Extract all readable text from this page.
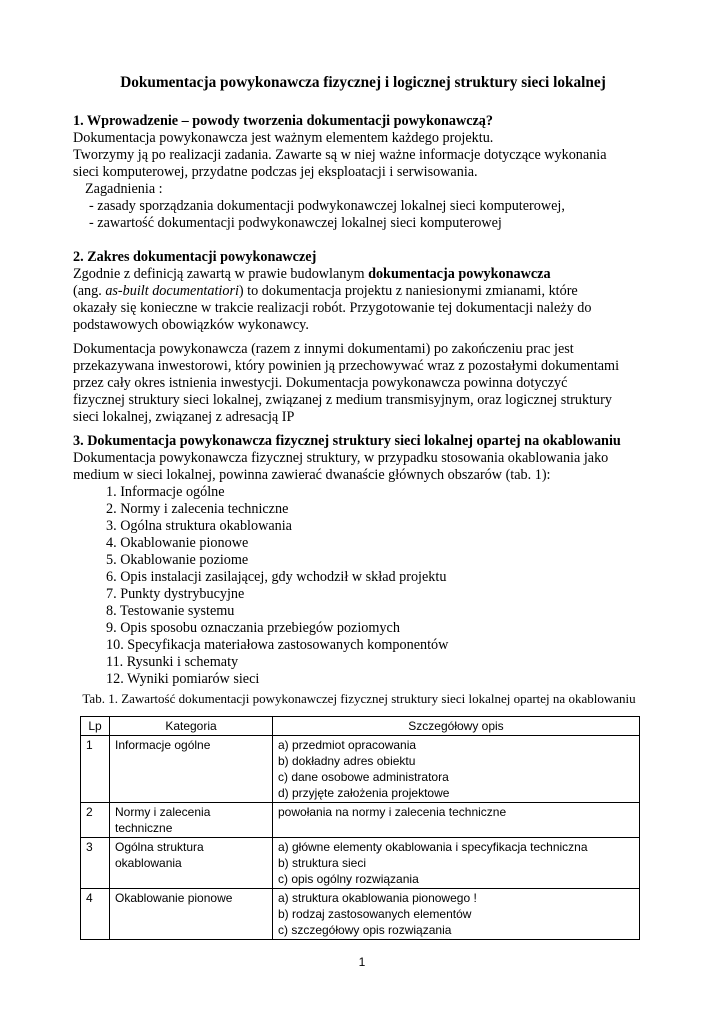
Dokumentacja powykonawcza fizycznej i logicznej struktury sieci lokalnej
1. Wprowadzenie – powody tworzenia dokumentacji powykonawczą?

Dokumentacja powykonawcza jest ważnym elementem każdego projektu.

Tworzymy ją po realizacji zadania. Zawarte są w niej ważne informacje dotyczące wykonania

sieci komputerowej, przydatne podczas jej eksploatacji i serwisowania.

Zagadnienia :

- zasady sporządzania dokumentacji podwykonawczej lokalnej sieci komputerowej,

- zawartość dokumentacji podwykonawczej lokalnej sieci komputerowej

2. Zakres dokumentacji powykonawczej

Zgodnie z definicją zawartą w prawie budowlanym dokumentacja powykonawcza

(ang. as-built documentatiori) to dokumentacja projektu z naniesionymi zmianami, które

okazały się konieczne w trakcie realizacji robót. Przygotowanie tej dokumentacji należy do

podstawowych obowiązków wykonawcy.

Dokumentacja powykonawcza (razem z innymi dokumentami) po zakończeniu prac jest

przekazywana inwestorowi, który powinien ją przechowywać wraz z pozostałymi dokumentami

przez cały okres istnienia inwestycji. Dokumentacja powykonawcza powinna dotyczyć

fizycznej struktury sieci lokalnej, związanej z medium transmisyjnym, oraz logicznej struktury

sieci lokalnej, związanej z adresacją IP

3. Dokumentacja powykonawcza fizycznej struktury sieci lokalnej opartej na okablowaniu

Dokumentacja powykonawcza fizycznej struktury, w przypadku stosowania okablowania jako

medium w sieci lokalnej, powinna zawierać dwanaście głównych obszarów (tab. 1):

1. Informacje ogólne

2. Normy i zalecenia techniczne

3. Ogólna struktura okablowania

4. Okablowanie pionowe

5. Okablowanie poziome

6. Opis instalacji zasilającej, gdy wchodził w skład projektu

7. Punkty dystrybucyjne

8. Testowanie systemu

9. Opis sposobu oznaczania przebiegów poziomych

10. Specyfikacja materiałowa zastosowanych komponentów

11. Rysunki i schematy

12. Wyniki pomiarów sieci

Tab. 1. Zawartość dokumentacji powykonawczej fizycznej struktury sieci lokalnej opartej na okablowaniu
Lp	Kategoria	Szczegółowy opis
1	Informacje ogólne	a) przedmiot opracowania
b) dokładny adres obiektu
c) dane osobowe administratora
d) przyjęte założenia projektowe

2	Normy i zalecenia techniczne	powołania na normy i zalecenia techniczne

3	Ogólna struktura okablowania	a) główne elementy okablowania i specyfikacja techniczna
b) struktura sieci
c) opis ogólny rozwiązania

4	Okablowanie pionowe	a) struktura okablowania pionowego !
b) rodzaj zastosowanych elementów
c) szczegółowy opis rozwiązania
1
